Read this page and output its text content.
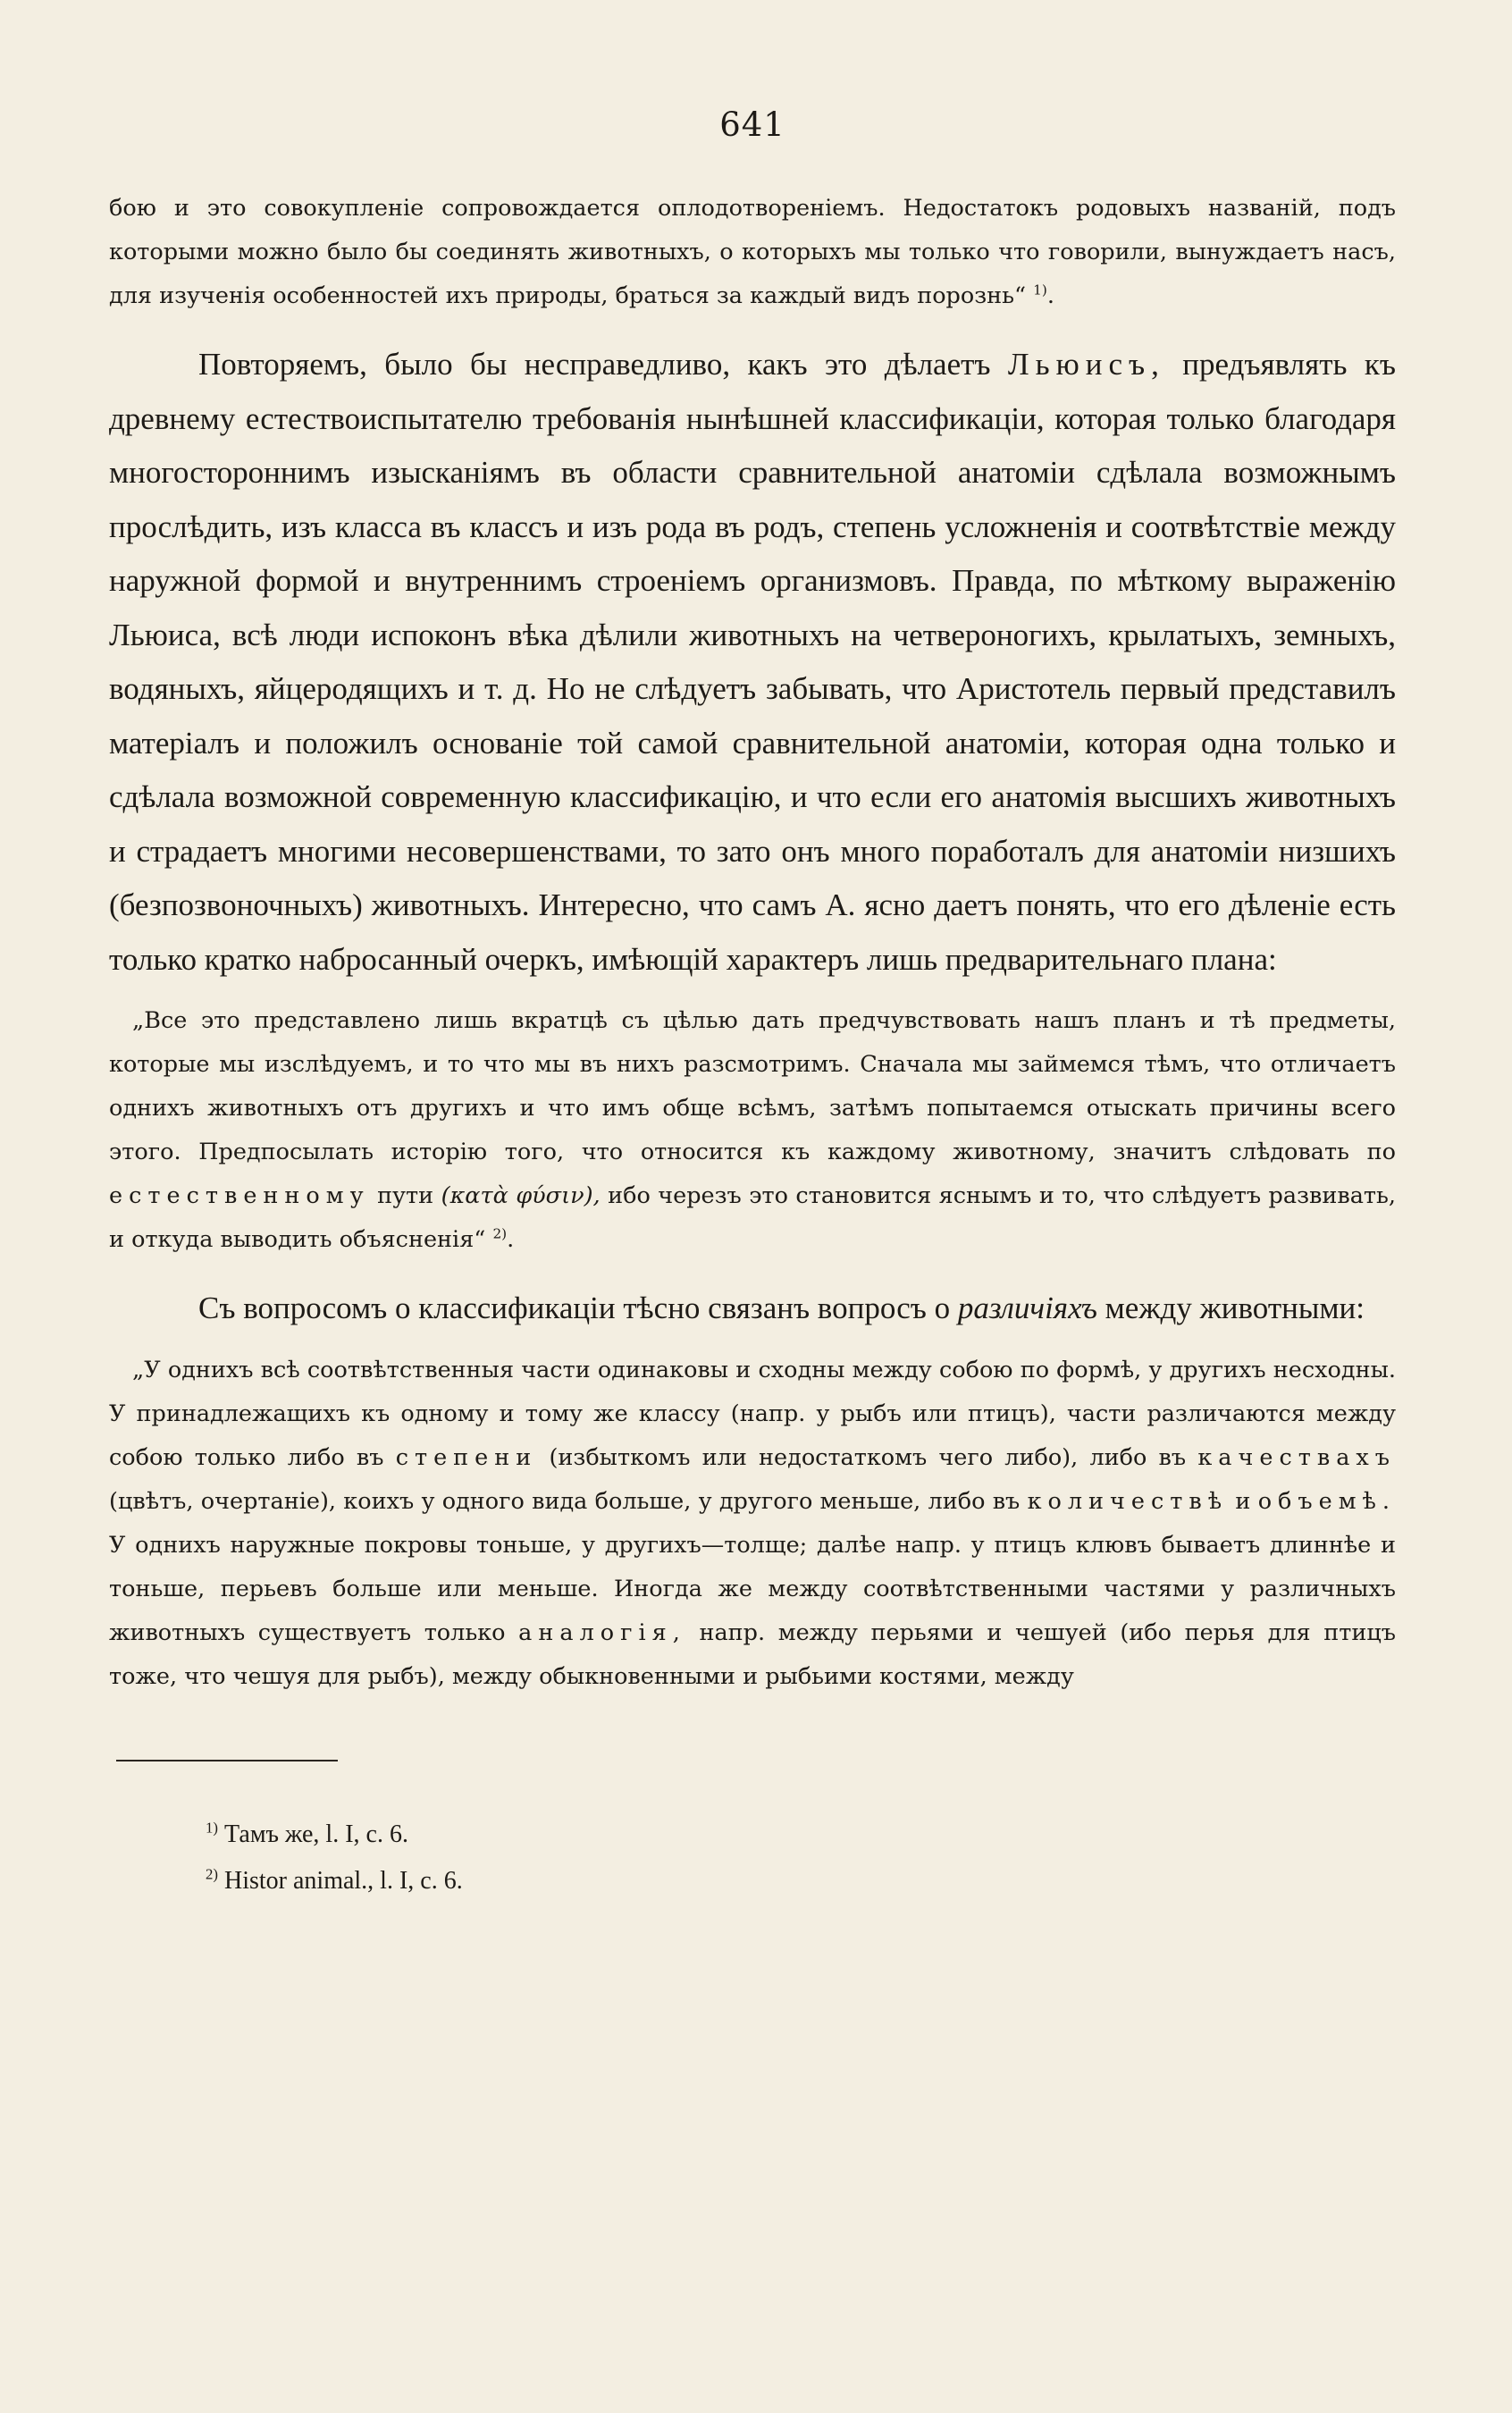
641

бою и это совокупленіе сопровождается оплодотвореніемъ. Недостатокъ родовыхъ названій, подъ которыми можно было бы соединять животныхъ, о которыхъ мы только что говорили, вынуждаетъ насъ, для изученія особенностей ихъ природы, браться за каждый видъ порознь“ $^{1)}$.

Повторяемъ, было бы несправедливо, какъ это дѣлаетъ Льюисъ, предъявлять къ древнему естествоиспытателю требованія нынѣшней классификаціи, которая только благодаря многостороннимъ изысканіямъ въ области сравнительной анатоміи сдѣлала возможнымъ прослѣдить, изъ класса въ классъ и изъ рода въ родъ, степень усложненія и соотвѣтствіе между наружной формой и внутреннимъ строеніемъ организмовъ. Правда, по мѣткому выраженію Льюиса, всѣ люди испоконъ вѣка дѣлили животныхъ на четвероногихъ, крылатыхъ, земныхъ, водяныхъ, яйцеродящихъ и т. д. Но не слѣдуетъ забывать, что Аристотель первый представилъ матеріалъ и положилъ основаніе той самой сравнительной анатоміи, которая одна только и сдѣлала возможной современную классификацію, и что если его анатомія высшихъ животныхъ и страдаетъ многими несовершенствами, то зато онъ много поработалъ для анатоміи низшихъ (безпозвоночныхъ) животныхъ. Интересно, что самъ А. ясно даетъ понять, что его дѣленіе есть только кратко набросанный очеркъ, имѣющій характеръ лишь предварительнаго плана:

„Все это представлено лишь вкратцѣ съ цѣлью дать предчувствовать нашъ планъ и тѣ предметы, которые мы изслѣдуемъ, и то что мы въ нихъ разсмотримъ. Сначала мы займемся тѣмъ, что отличаетъ однихъ животныхъ отъ другихъ и что имъ обще всѣмъ, затѣмъ попытаемся отыскать причины всего этого. Предпосылать исторію того, что относится къ каждому животному, значитъ слѣдовать по естественному пути (κατὰ φύσιν), ибо черезъ это становится яснымъ и то, что слѣдуетъ развивать, и откуда выводить объясненія“ $^{2)}$.

Съ вопросомъ о классификаціи тѣсно связанъ вопросъ о различіяхъ между животными:

„У однихъ всѣ соотвѣтственныя части одинаковы и сходны между собою по формѣ, у другихъ несходны. У принадлежащихъ къ одному и тому же классу (напр. у рыбъ или птицъ), части различаются между собою только либо въ степени (избыткомъ или недостаткомъ чего либо), либо въ качествахъ (цвѣтъ, очертаніе), коихъ у одного вида больше, у другого меньше, либо въ количествѣ и объемѣ. У однихъ наружные покровы тоньше, у другихъ—толще; далѣе напр. у птицъ клювъ бываетъ длиннѣе и тоньше, перьевъ больше или меньше. Иногда же между соотвѣтственными частями у различныхъ животныхъ существуетъ только аналогія, напр. между перьями и чешуей (ибо перья для птицъ тоже, что чешуя для рыбъ), между обыкновенными и рыбьими костями, между

$^{1)}$ Тамъ же, l. I, c. 6.

$^{2)}$ Histor animal., l. I, c. 6.
